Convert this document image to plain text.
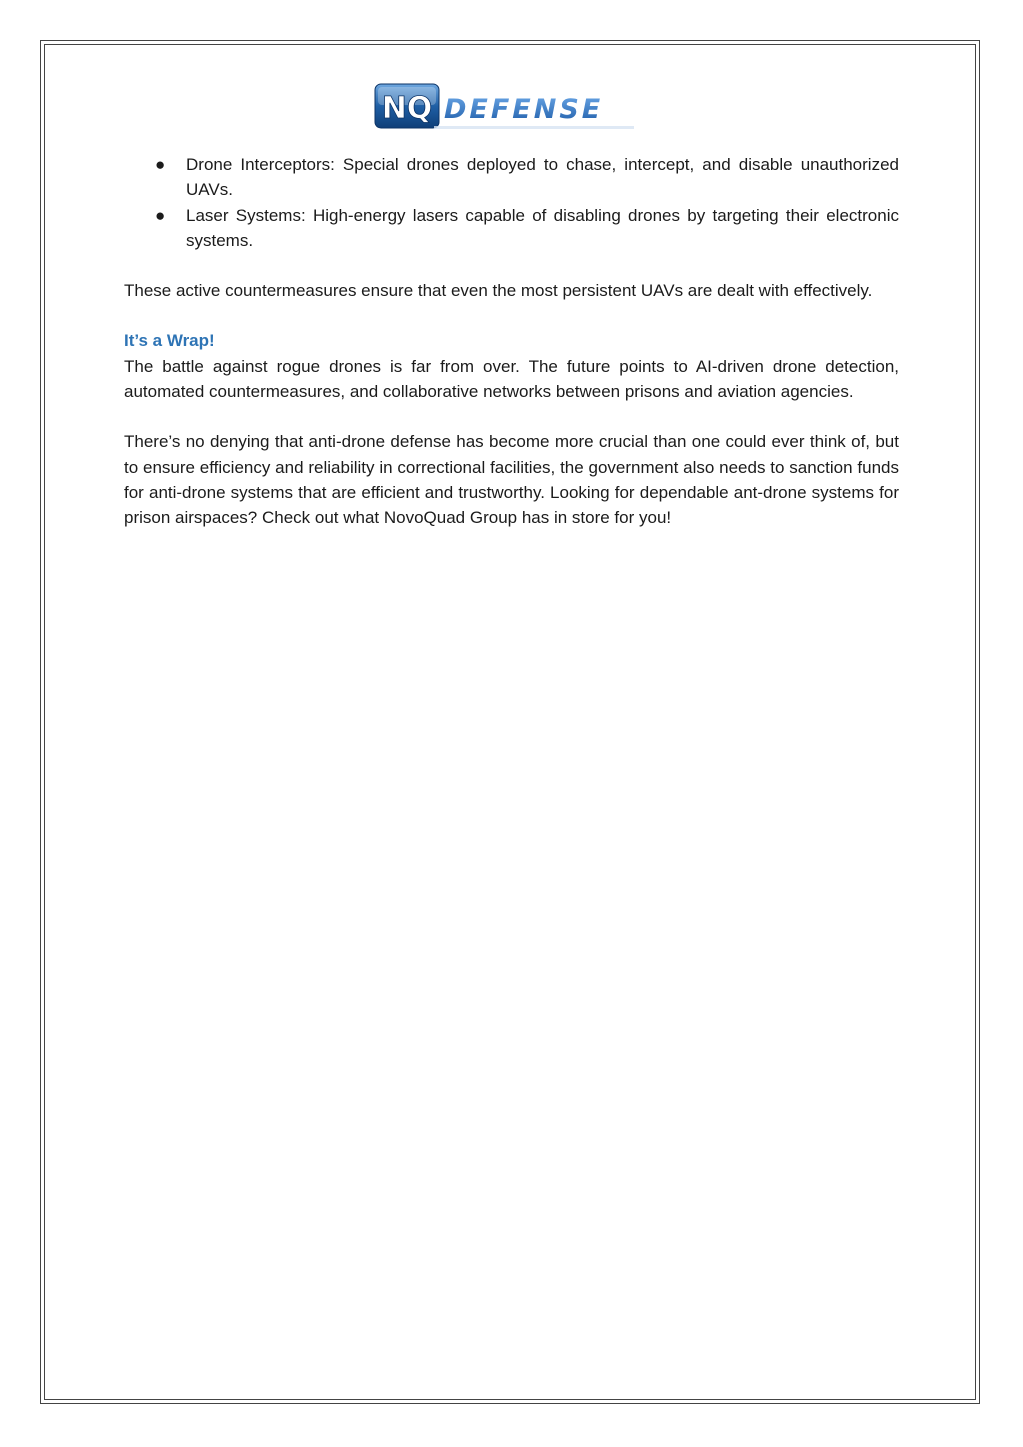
NQ DEFENSE
● Drone Interceptors: Special drones deployed to chase, intercept, and disable unauthorized UAVs.
● Laser Systems: High-energy lasers capable of disabling drones by targeting their electronic systems.

These active countermeasures ensure that even the most persistent UAVs are dealt with effectively.

It’s a Wrap!

The battle against rogue drones is far from over. The future points to AI-driven drone detection, automated countermeasures, and collaborative networks between prisons and aviation agencies.

There’s no denying that anti-drone defense has become more crucial than one could ever think of, but to ensure efficiency and reliability in correctional facilities, the government also needs to sanction funds for anti-drone systems that are efficient and trustworthy. Looking for dependable ant-drone systems for prison airspaces? Check out what NovoQuad Group has in store for you!
